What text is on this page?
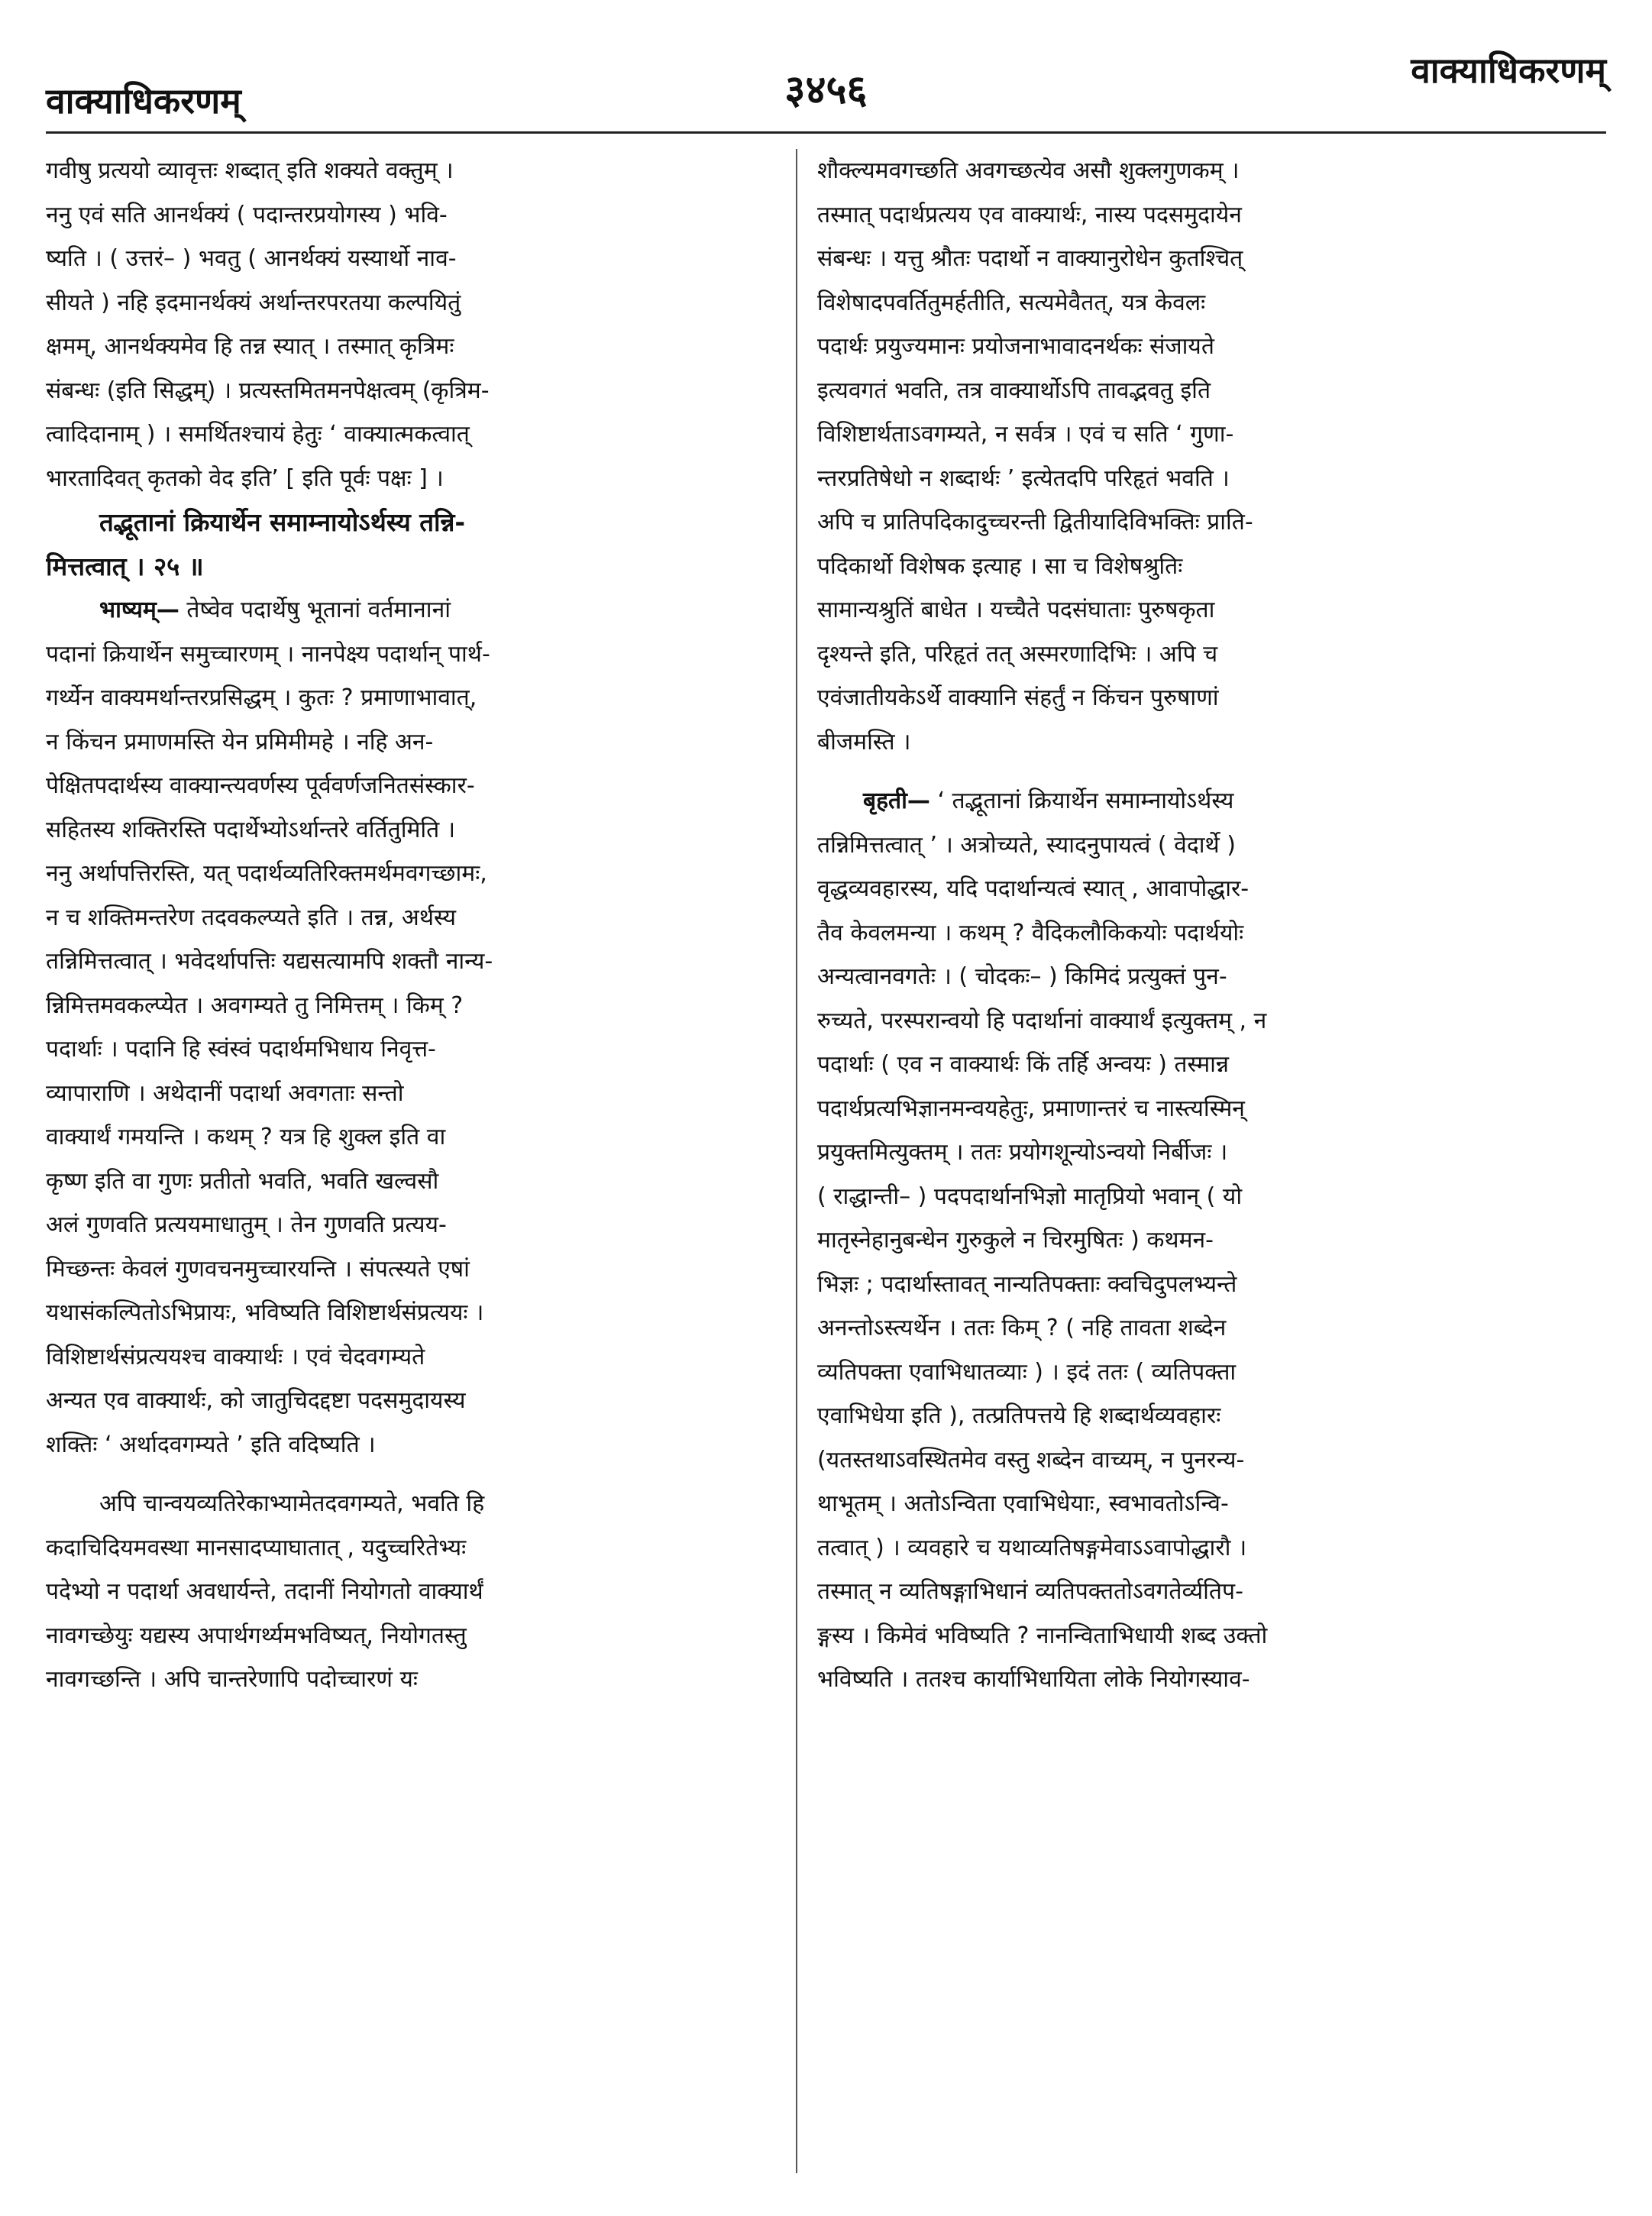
वाक्याधिकरणम्	३४५६	वाक्याधिकरणम्
गवीषु प्रत्ययो व्यावृत्तः शब्दात् इति शक्यते वक्तुम् ।
ननु एवं सति आनर्थक्यं ( पदान्तरप्रयोगस्य ) भवि-
ष्यति । ( उत्तरं– ) भवतु ( आनर्थक्यं यस्यार्थो नाव-
सीयते ) नहि इदमानर्थक्यं अर्थान्तरपरतया कल्पयितुं
क्षमम्, आनर्थक्यमेव हि तन्न स्यात् । तस्मात् कृत्रिमः
संबन्धः (इति सिद्धम्) । प्रत्यस्तमितमनपेक्षत्वम् (कृत्रिम-
त्वादिदानाम् ) । समर्थितश्चायं हेतुः ‘ वाक्यात्मकत्वात्
भारतादिवत् कृतको वेद इति’ [ इति पूर्वः पक्षः ] ।
तद्भूतानां क्रियार्थेन समाम्नायोऽर्थस्य तन्नि-
मित्तत्वात् । २५ ॥
भाष्यम्— तेष्वेव पदार्थेषु भूतानां वर्तमानानां
पदानां क्रियार्थेन समुच्चारणम् । नानपेक्ष्य पदार्थान् पार्थ-
गर्थ्येन वाक्यमर्थान्तरप्रसिद्धम् । कुतः ? प्रमाणाभावात्,
न किंचन प्रमाणमस्ति येन प्रमिमीमहे । नहि अन-
पेक्षितपदार्थस्य वाक्यान्त्यवर्णस्य पूर्ववर्णजनितसंस्कार-
सहितस्य शक्तिरस्ति पदार्थेभ्योऽर्थान्तरे वर्तितुमिति ।
ननु अर्थापत्तिरस्ति, यत् पदार्थव्यतिरिक्तमर्थमवगच्छामः,
न च शक्तिमन्तरेण तदवकल्प्यते इति । तन्न, अर्थस्य
तन्निमित्तत्वात् । भवेदर्थापत्तिः यद्यसत्यामपि शक्तौ नान्य-
न्निमित्तमवकल्प्येत । अवगम्यते तु निमित्तम् । किम् ?
पदार्थाः । पदानि हि स्वंस्वं पदार्थमभिधाय निवृत्त-
व्यापाराणि । अथेदानीं पदार्था अवगताः सन्तो
वाक्यार्थं गमयन्ति । कथम् ? यत्र हि शुक्ल इति वा
कृष्ण इति वा गुणः प्रतीतो भवति, भवति खल्वसौ
अलं गुणवति प्रत्ययमाधातुम् । तेन गुणवति प्रत्यय-
मिच्छन्तः केवलं गुणवचनमुच्चारयन्ति । संपत्स्यते एषां
यथासंकल्पितोऽभिप्रायः, भविष्यति विशिष्टार्थसंप्रत्ययः ।
विशिष्टार्थसंप्रत्ययश्च वाक्यार्थः । एवं चेदवगम्यते
अन्यत एव वाक्यार्थः, को जातुचिदद्दष्टा पदसमुदायस्य
शक्तिः ‘ अर्थादवगम्यते ’ इति वदिष्यति ।
अपि चान्वयव्यतिरेकाभ्यामेतदवगम्यते, भवति हि
कदाचिदियमवस्था मानसादप्याघातात् , यदुच्चरितेभ्यः
पदेभ्यो न पदार्था अवधार्यन्ते, तदानीं नियोगतो वाक्यार्थं
नावगच्छेयुः यद्यस्य अपार्थगर्थ्यमभविष्यत्, नियोगतस्तु
नावगच्छन्ति । अपि चान्तरेणापि पदोच्चारणं यः
शौक्ल्यमवगच्छति अवगच्छत्येव असौ शुक्लगुणकम् ।
तस्मात् पदार्थप्रत्यय एव वाक्यार्थः, नास्य पदसमुदायेन
संबन्धः । यत्तु श्रौतः पदार्थो न वाक्यानुरोधेन कुतश्चित्
विशेषादपवर्तितुमर्हतीति, सत्यमेवैतत्, यत्र केवलः
पदार्थः प्रयुज्यमानः प्रयोजनाभावादनर्थकः संजायते
इत्यवगतं भवति, तत्र वाक्यार्थोऽपि तावद्भवतु इति
विशिष्टार्थताऽवगम्यते, न सर्वत्र । एवं च सति ‘ गुणा-
न्तरप्रतिषेधो न शब्दार्थः ’ इत्येतदपि परिहृतं भवति ।
अपि च प्रातिपदिकादुच्चरन्ती द्वितीयादिविभक्तिः प्राति-
पदिकार्थो विशेषक इत्याह । सा च विशेषश्रुतिः
सामान्यश्रुतिं बाधेत । यच्चैते पदसंघाताः पुरुषकृता
दृश्यन्ते इति, परिहृतं तत् अस्मरणादिभिः । अपि च
एवंजातीयकेऽर्थे वाक्यानि संहर्तुं न किंचन पुरुषाणां
बीजमस्ति ।
बृहती— ‘ तद्भूतानां क्रियार्थेन समाम्नायोऽर्थस्य
तन्निमित्तत्वात् ’ । अत्रोच्यते, स्यादनुपायत्वं ( वेदार्थे )
वृद्धव्यवहारस्य, यदि पदार्थान्यत्वं स्यात् , आवापोद्धार-
तैव केवलमन्या । कथम् ? वैदिकलौकिकयोः पदार्थयोः
अन्यत्वानवगतेः । ( चोदकः– ) किमिदं प्रत्युक्तं पुन-
रुच्यते, परस्परान्वयो हि पदार्थानां वाक्यार्थं इत्युक्तम् , न
पदार्थाः ( एव न वाक्यार्थः किं तर्हि अन्वयः ) तस्मान्न
पदार्थप्रत्यभिज्ञानमन्वयहेतुः, प्रमाणान्तरं च नास्त्यस्मिन्
प्रयुक्तमित्युक्तम् । ततः प्रयोगशून्योऽन्वयो निर्बीजः ।
( राद्धान्ती– ) पदपदार्थानभिज्ञो मातृप्रियो भवान् ( यो
मातृस्नेहानुबन्धेन गुरुकुले न चिरमुषितः ) कथमन-
भिज्ञः ; पदार्थास्तावत् नान्यतिपक्ताः क्वचिदुपलभ्यन्ते
अनन्तोऽस्त्यर्थेन । ततः किम् ? ( नहि तावता शब्देन
व्यतिपक्ता एवाभिधातव्याः ) । इदं ततः ( व्यतिपक्ता
एवाभिधेया इति ), तत्प्रतिपत्तये हि शब्दार्थव्यवहारः
(यतस्तथाऽवस्थितमेव वस्तु शब्देन वाच्यम्, न पुनरन्य-
थाभूतम् । अतोऽन्विता एवाभिधेयाः, स्वभावतोऽन्वि-
तत्वात् ) । व्यवहारे च यथाव्यतिषङ्गमेवाऽऽवापोद्धारौ ।
तस्मात् न व्यतिषङ्गाभिधानं व्यतिपक्ततोऽवगतेर्व्यतिप-
ङ्गस्य । किमेवं भविष्यति ? नानन्विताभिधायी शब्द उक्तो
भविष्यति । ततश्च कार्याभिधायिता लोके नियोगस्याव-
